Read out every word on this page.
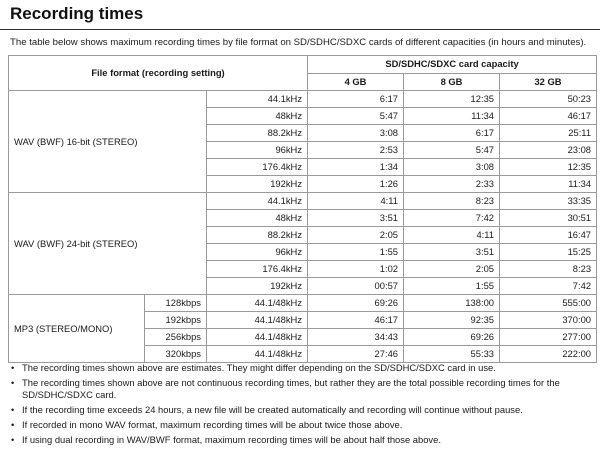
Recording times
The table below shows maximum recording times by file format on SD/SDHC/SDXC cards of different capacities (in hours and minutes).
File format (recording setting)			SD/SDHC/SDXC card capacity		
			4 GB	8 GB	32 GB
WAV (BWF) 16-bit (STEREO)		44.1kHz	6:17	12:35	50:23
		48kHz	5:47	11:34	46:17
		88.2kHz	3:08	6:17	25:11
		96kHz	2:53	5:47	23:08
		176.4kHz	1:34	3:08	12:35
		192kHz	1:26	2:33	11:34
WAV (BWF) 24-bit (STEREO)		44.1kHz	4:11	8:23	33:35
		48kHz	3:51	7:42	30:51
		88.2kHz	2:05	4:11	16:47
		96kHz	1:55	3:51	15:25
		176.4kHz	1:02	2:05	8:23
		192kHz	00:57	1:55	7:42
MP3 (STEREO/MONO)	128kbps	44.1/48kHz	69:26	138:00	555:00
	192kbps	44.1/48kHz	46:17	92:35	370:00
	256kbps	44.1/48kHz	34:43	69:26	277:00
	320kbps	44.1/48kHz	27:46	55:33	222:00
• The recording times shown above are estimates. They might differ depending on the SD/SDHC/SDXC card in use.
• The recording times shown above are not continuous recording times, but rather they are the total possible recording times for the SD/SDHC/SDXC card.
• If the recording time exceeds 24 hours, a new file will be created automatically and recording will continue without pause.
• If recorded in mono WAV format, maximum recording times will be about twice those above.
• If using dual recording in WAV/BWF format, maximum recording times will be about half those above.
